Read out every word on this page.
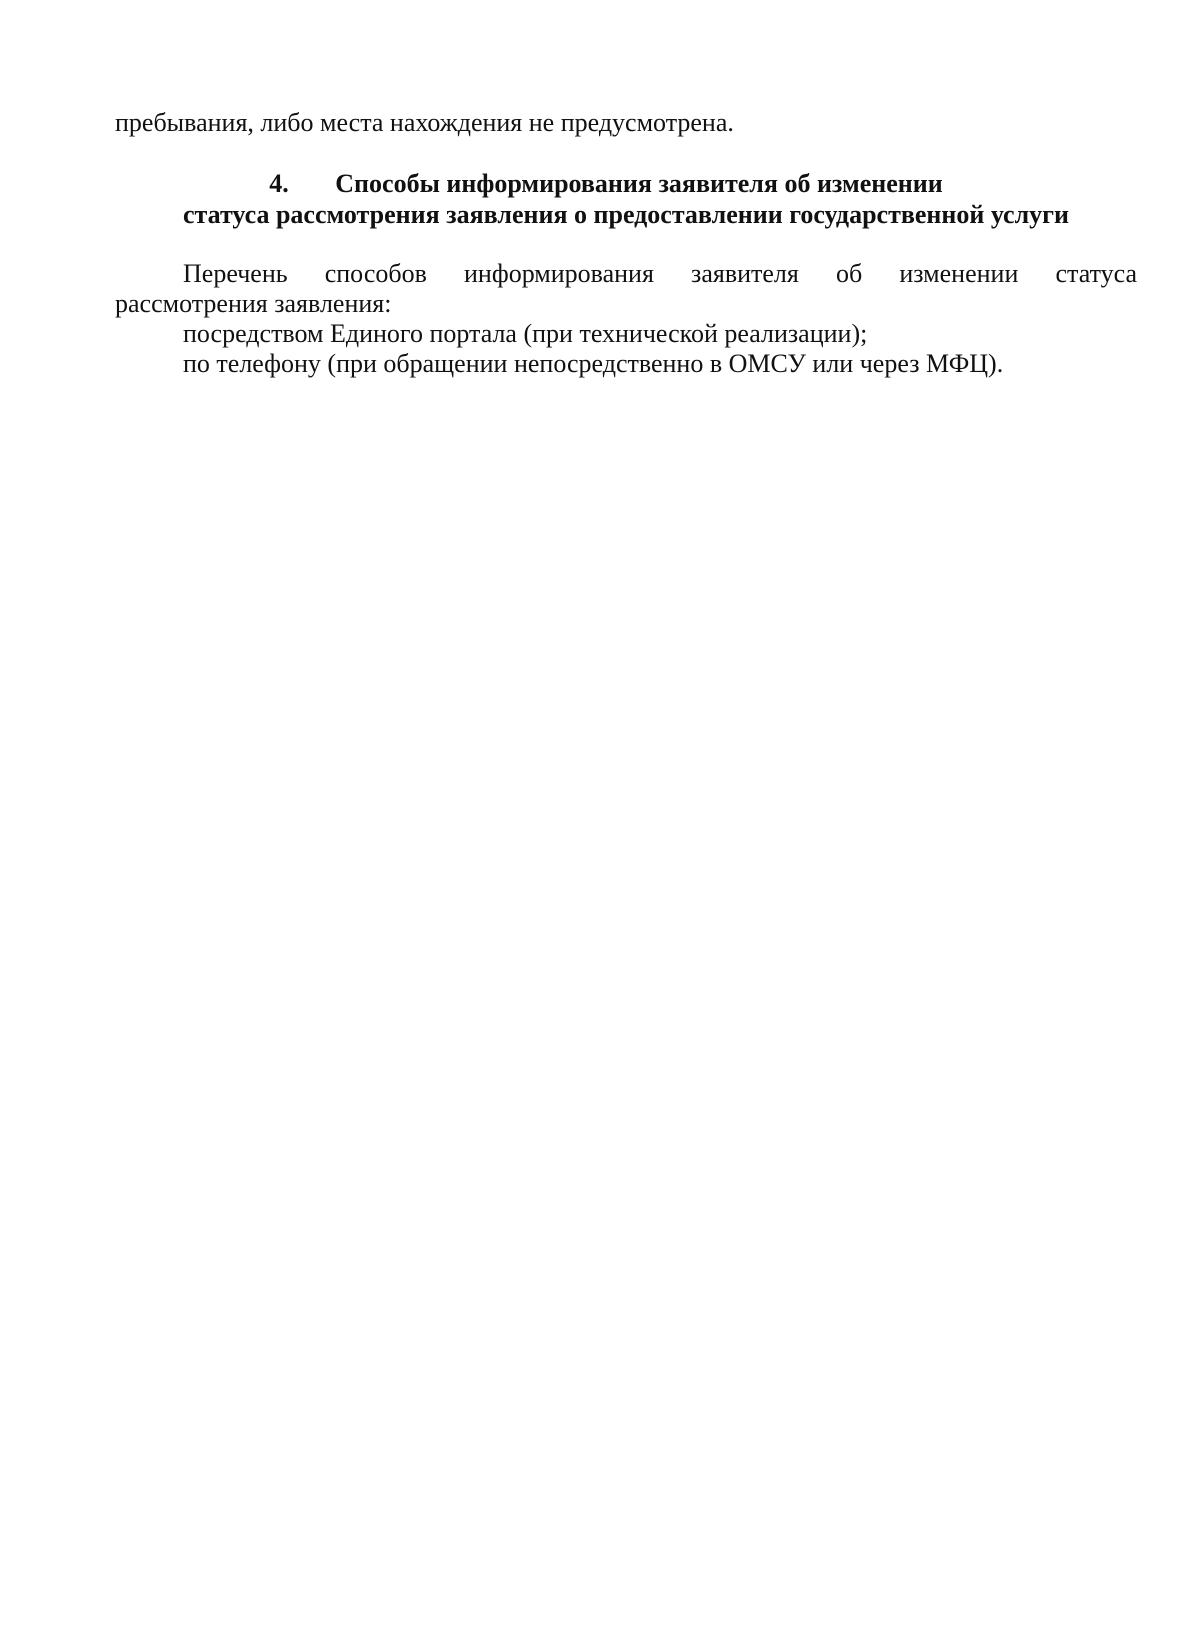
пребывания, либо места нахождения не предусмотрена.
4. Способы информирования заявителя об изменении
статуса рассмотрения заявления о предоставлении государственной услуги
Перечень способов информирования заявителя об изменении статуса
рассмотрения заявления:
посредством Единого портала (при технической реализации);
по телефону (при обращении непосредственно в ОМСУ или через МФЦ).
